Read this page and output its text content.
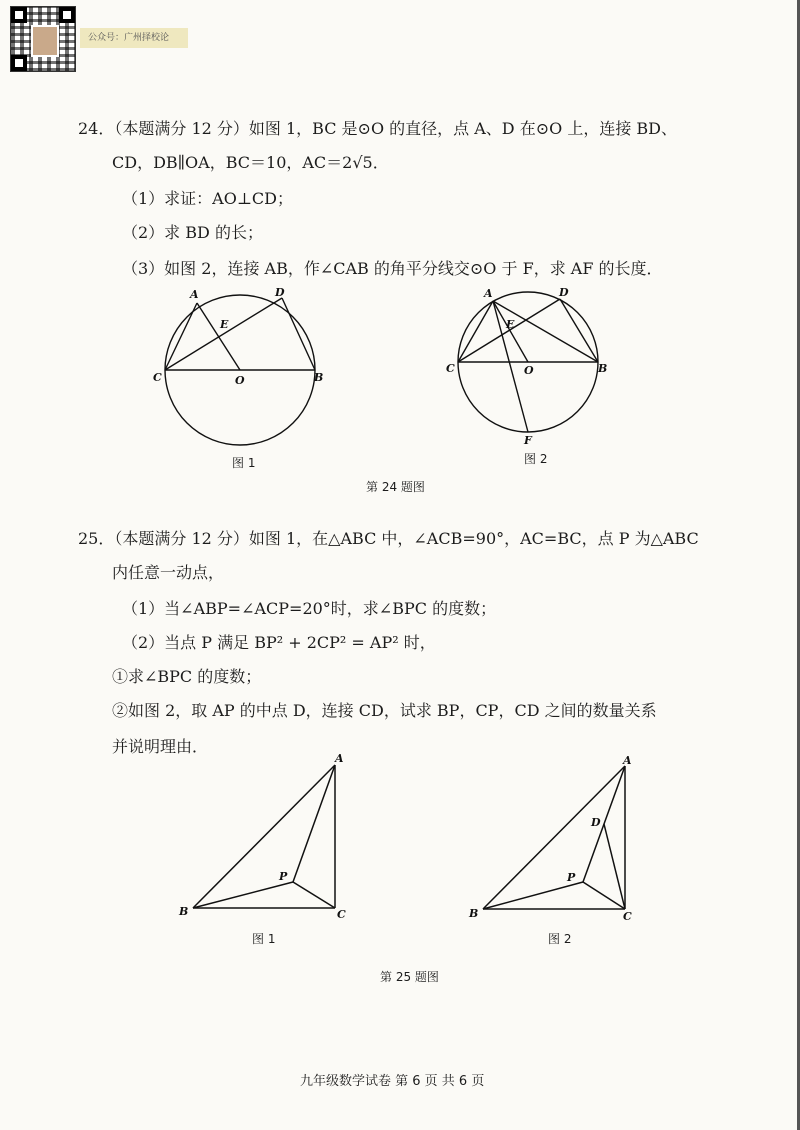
公众号：广州择校论
24．（本题满分 12 分）如图 1，BC 是⊙O 的直径，点 A、D 在⊙O 上，连接 BD、
CD，DB∥OA，BC＝10，AC＝2√5．
（1）求证：AO⊥CD；
（2）求 BD 的长；
（3）如图 2，连接 AB，作∠CAB 的角平分线交⊙O 于 F，求 AF 的长度．
A	D
E
C	O	B
图 1
A	D
E
C	O	B
F
图 2
第 24 题图
25．（本题满分 12 分）如图 1，在△ABC 中，∠ACB=90°，AC=BC，点 P 为△ABC
内任意一动点，
（1）当∠ABP=∠ACP=20°时，求∠BPC 的度数；
（2）当点 P 满足 BP² + 2CP² = AP² 时，
①求∠BPC 的度数；
②如图 2，取 AP 的中点 D，连接 CD，试求 BP，CP，CD 之间的数量关系
并说明理由．
A
B	C
P
图 1
A
D
B	C
P
图 2
第 25 题图
九年级数学试卷 第 6 页 共 6 页
